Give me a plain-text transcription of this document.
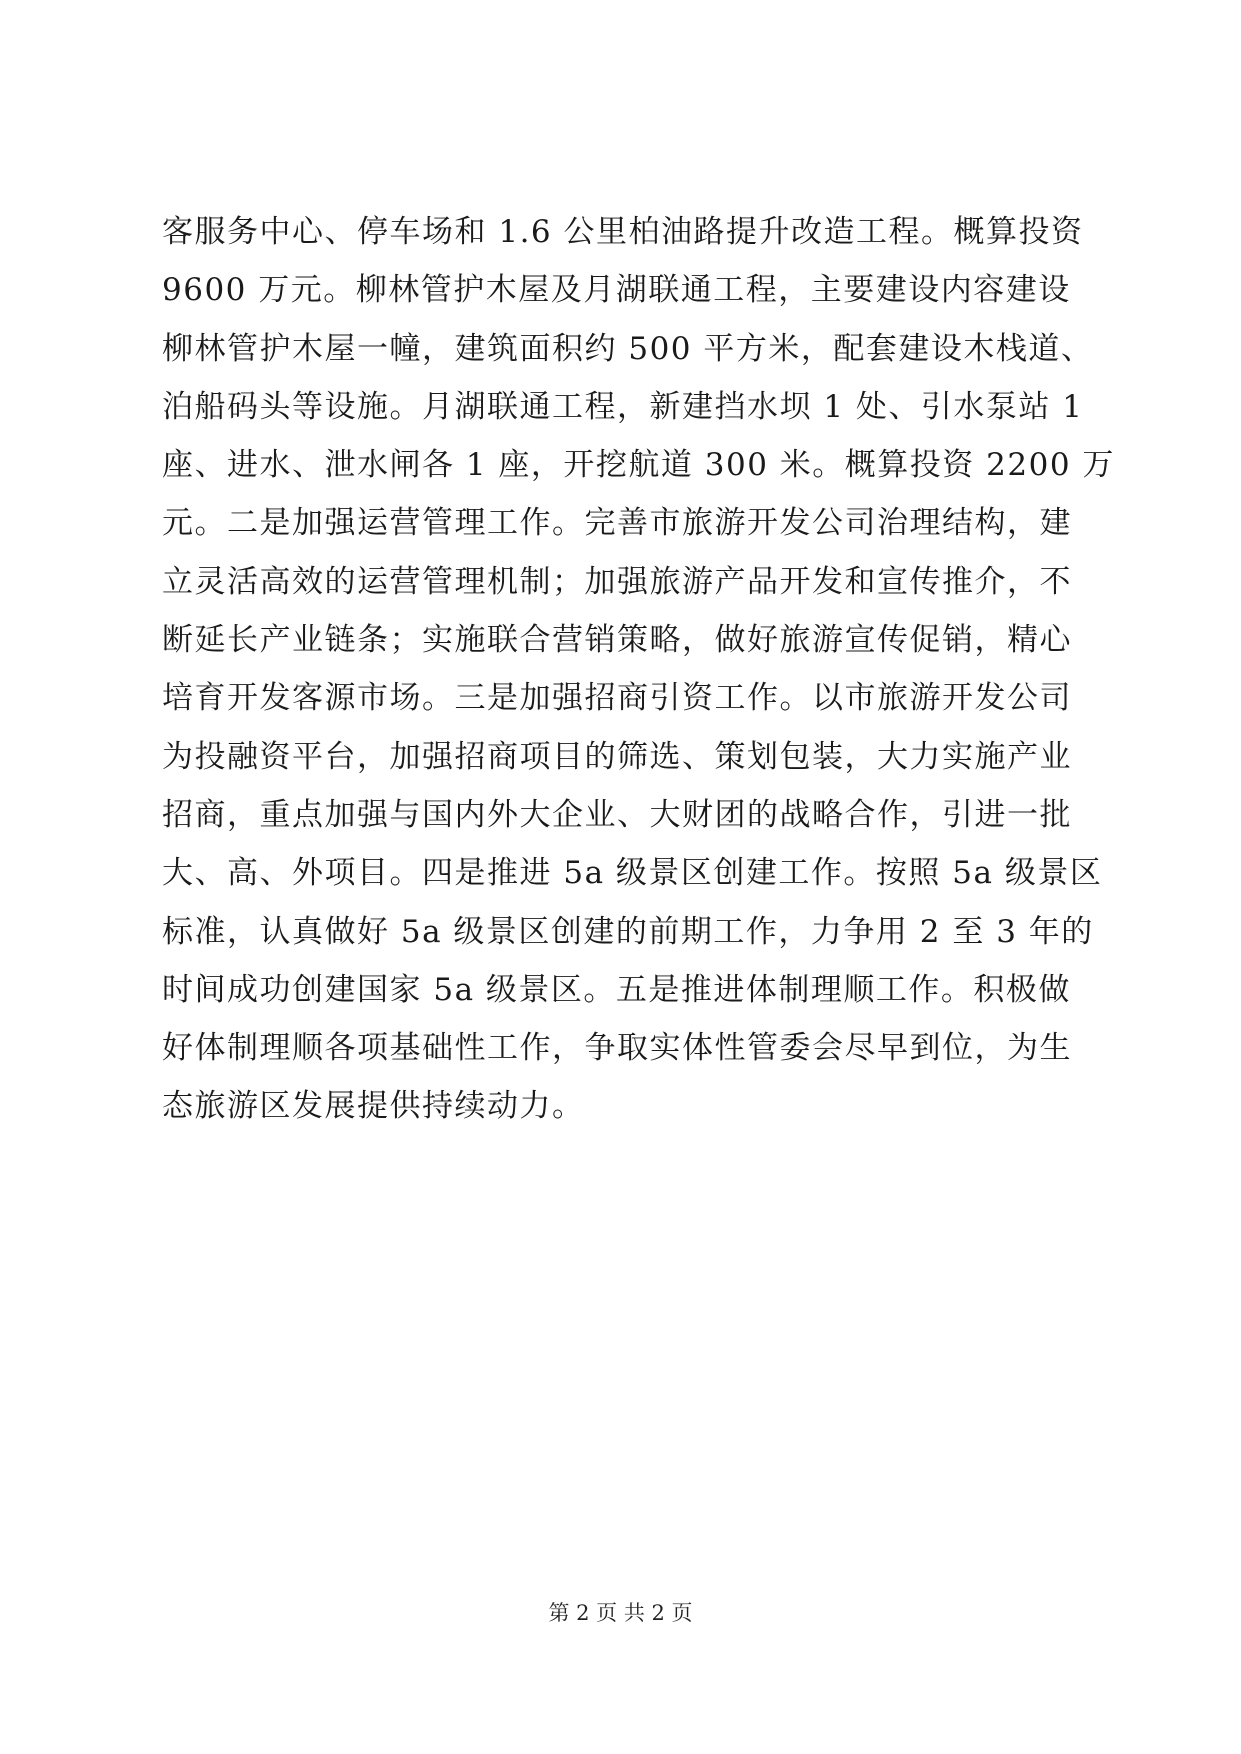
客服务中心、停车场和 1.6 公里柏油路提升改造工程。概算投资
9600 万元。柳林管护木屋及月湖联通工程，主要建设内容建设
柳林管护木屋一幢，建筑面积约 500 平方米，配套建设木栈道、
泊船码头等设施。月湖联通工程，新建挡水坝 1 处、引水泵站 1
座、进水、泄水闸各 1 座，开挖航道 300 米。概算投资 2200 万
元。二是加强运营管理工作。完善市旅游开发公司治理结构，建
立灵活高效的运营管理机制；加强旅游产品开发和宣传推介，不
断延长产业链条；实施联合营销策略，做好旅游宣传促销，精心
培育开发客源市场。三是加强招商引资工作。以市旅游开发公司
为投融资平台，加强招商项目的筛选、策划包装，大力实施产业
招商，重点加强与国内外大企业、大财团的战略合作，引进一批
大、高、外项目。四是推进 5a 级景区创建工作。按照 5a 级景区
标准，认真做好 5a 级景区创建的前期工作，力争用 2 至 3 年的
时间成功创建国家 5a 级景区。五是推进体制理顺工作。积极做
好体制理顺各项基础性工作，争取实体性管委会尽早到位，为生
态旅游区发展提供持续动力。
第 2 页 共 2 页
